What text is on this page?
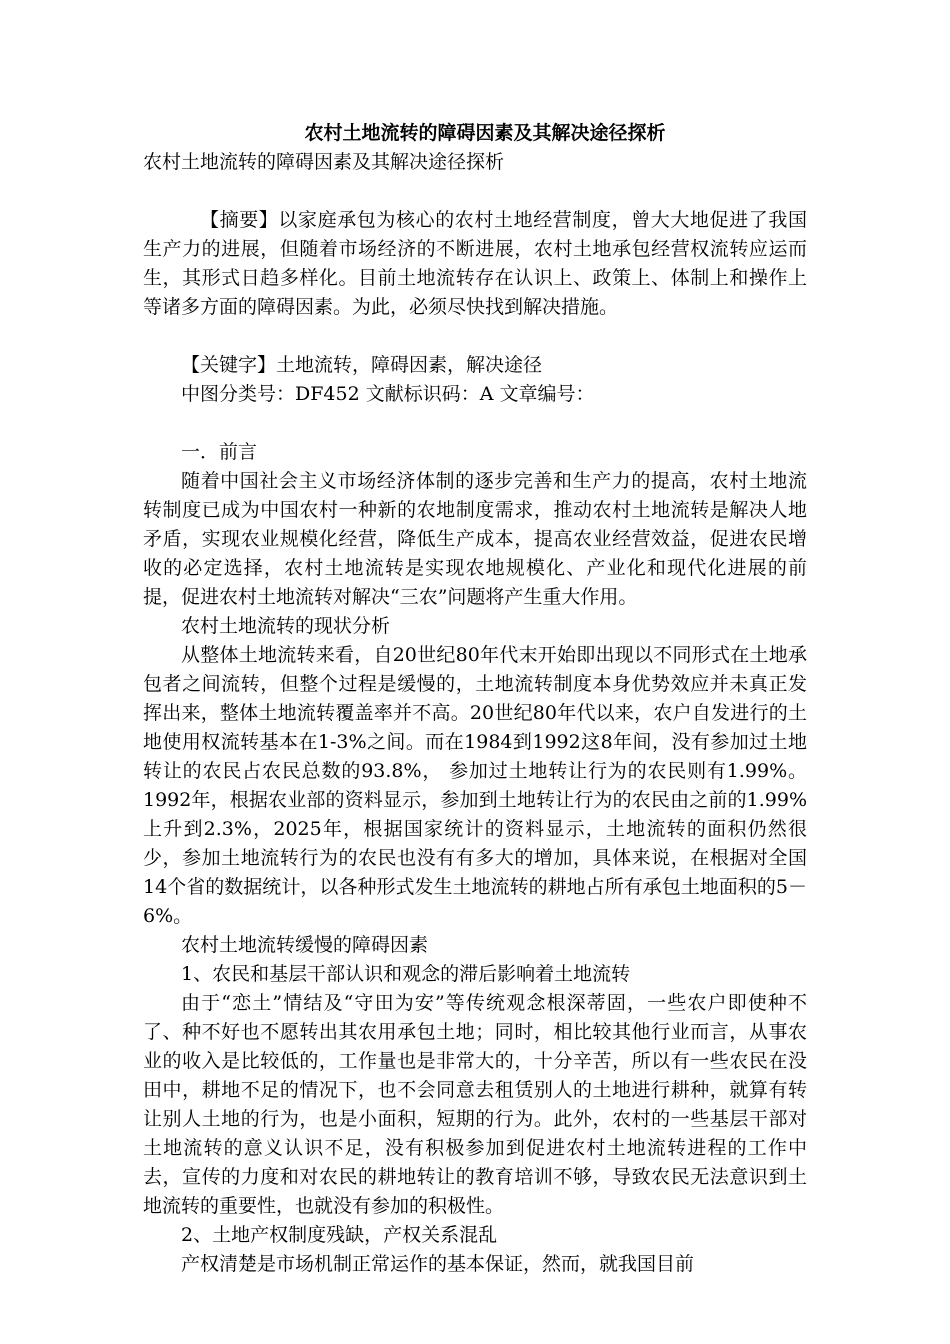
农村土地流转的障碍因素及其解决途径探析

农村土地流转的障碍因素及其解决途径探析

【摘要】以家庭承包为核心的农村土地经营制度，曾大大地促进了我国生产力的进展，但随着市场经济的不断进展，农村土地承包经营权流转应运而生，其形式日趋多样化。目前土地流转存在认识上、政策上、体制上和操作上等诸多方面的障碍因素。为此，必须尽快找到解决措施。

【关键字】土地流转，障碍因素，解决途径

中图分类号：DF452 文献标识码：A 文章编号：

一．前言

随着中国社会主义市场经济体制的逐步完善和生产力的提高，农村土地流转制度已成为中国农村一种新的农地制度需求，推动农村土地流转是解决人地矛盾，实现农业规模化经营，降低生产成本，提高农业经营效益，促进农民增收的必定选择，农村土地流转是实现农地规模化、产业化和现代化进展的前提，促进农村土地流转对解决“三农”问题将产生重大作用。

农村土地流转的现状分析

从整体土地流转来看，自20世纪80年代末开始即出现以不同形式在土地承包者之间流转，但整个过程是缓慢的，土地流转制度本身优势效应并未真正发挥出来，整体土地流转覆盖率并不高。20世纪80年代以来，农户自发进行的土地使用权流转基本在1-3%之间。而在1984到1992这8年间，没有参加过土地转让的农民占农民总数的93.8%， 参加过土地转让行为的农民则有1.99%。1992年，根据农业部的资料显示，参加到土地转让行为的农民由之前的1.99%上升到2.3%，2025年，根据国家统计的资料显示，土地流转的面积仍然很少，参加土地流转行为的农民也没有有多大的增加，具体来说，在根据对全国14个省的数据统计，以各种形式发生土地流转的耕地占所有承包土地面积的5－6%。

农村土地流转缓慢的障碍因素

1、农民和基层干部认识和观念的滞后影响着土地流转

由于“恋土”情结及“守田为安”等传统观念根深蒂固，一些农户即使种不了、种不好也不愿转出其农用承包土地；同时，相比较其他行业而言，从事农业的收入是比较低的，工作量也是非常大的，十分辛苦，所以有一些农民在没田中，耕地不足的情况下，也不会同意去租赁别人的土地进行耕种，就算有转让别人土地的行为，也是小面积，短期的行为。此外，农村的一些基层干部对土地流转的意义认识不足，没有积极参加到促进农村土地流转进程的工作中去，宣传的力度和对农民的耕地转让的教育培训不够，导致农民无法意识到土地流转的重要性，也就没有参加的积极性。

2、土地产权制度残缺，产权关系混乱

产权清楚是市场机制正常运作的基本保证，然而，就我国目前
